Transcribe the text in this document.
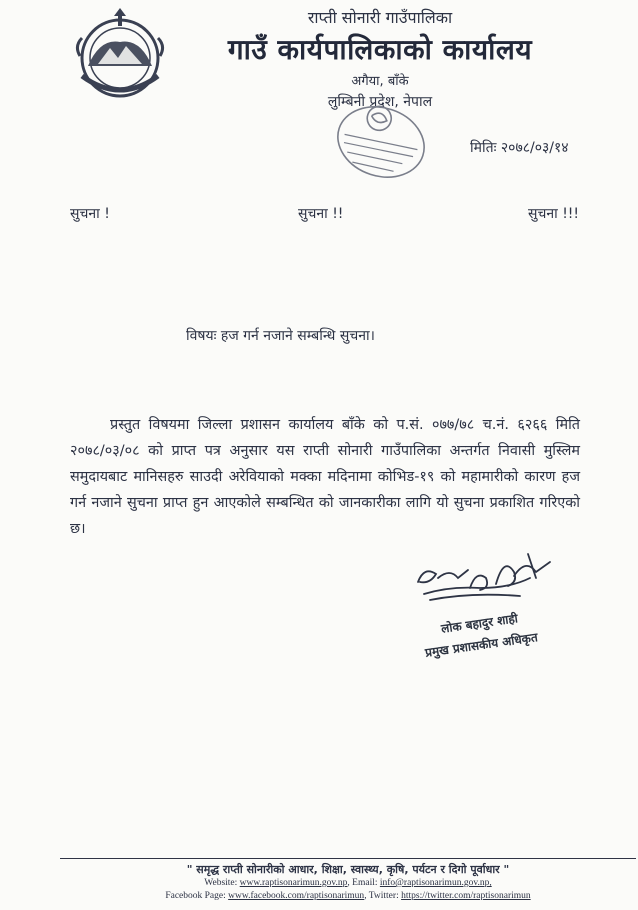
राप्ती सोनारी गाउँपालिका
गाउँ कार्यपालिकाको कार्यालय
अगैया, बाँके
लुम्बिनी प्रदेश, नेपाल
मितिः २०७८/०३/१४
सुचना !	सुचना !!	सुचना !!!
विषयः हज गर्न नजाने सम्बन्धि सुचना।

प्रस्तुत विषयमा जिल्ला प्रशासन कार्यालय बाँके को प.सं. ०७७/७८ च.नं. ६२६६ मिति २०७८/०३/०८ को प्राप्त पत्र अनुसार यस राप्ती सोनारी गाउँपालिका अन्तर्गत निवासी मुस्लिम समुदायबाट मानिसहरु साउदी अरेवियाको मक्का मदिनामा कोभिड-१९ को महामारीको कारण हज गर्न नजाने सुचना प्राप्त हुन आएकोले सम्बन्धित को जानकारीका लागि यो सुचना प्रकाशित गरिएको छ।

लोक बहादुर शाही
प्रमुख प्रशासकीय अधिकृत
" समृद्ध राप्ती सोनारीको आधार, शिक्षा, स्वास्थ्य, कृषि, पर्यटन र दिगो पूर्वाधार "
Website: www.raptisonarimun.gov.np, Email: info@raptisonarimun.gov.np,
Facebook Page: www.facebook.com/raptisonarimun, Twitter: https://twitter.com/raptisonarimun
